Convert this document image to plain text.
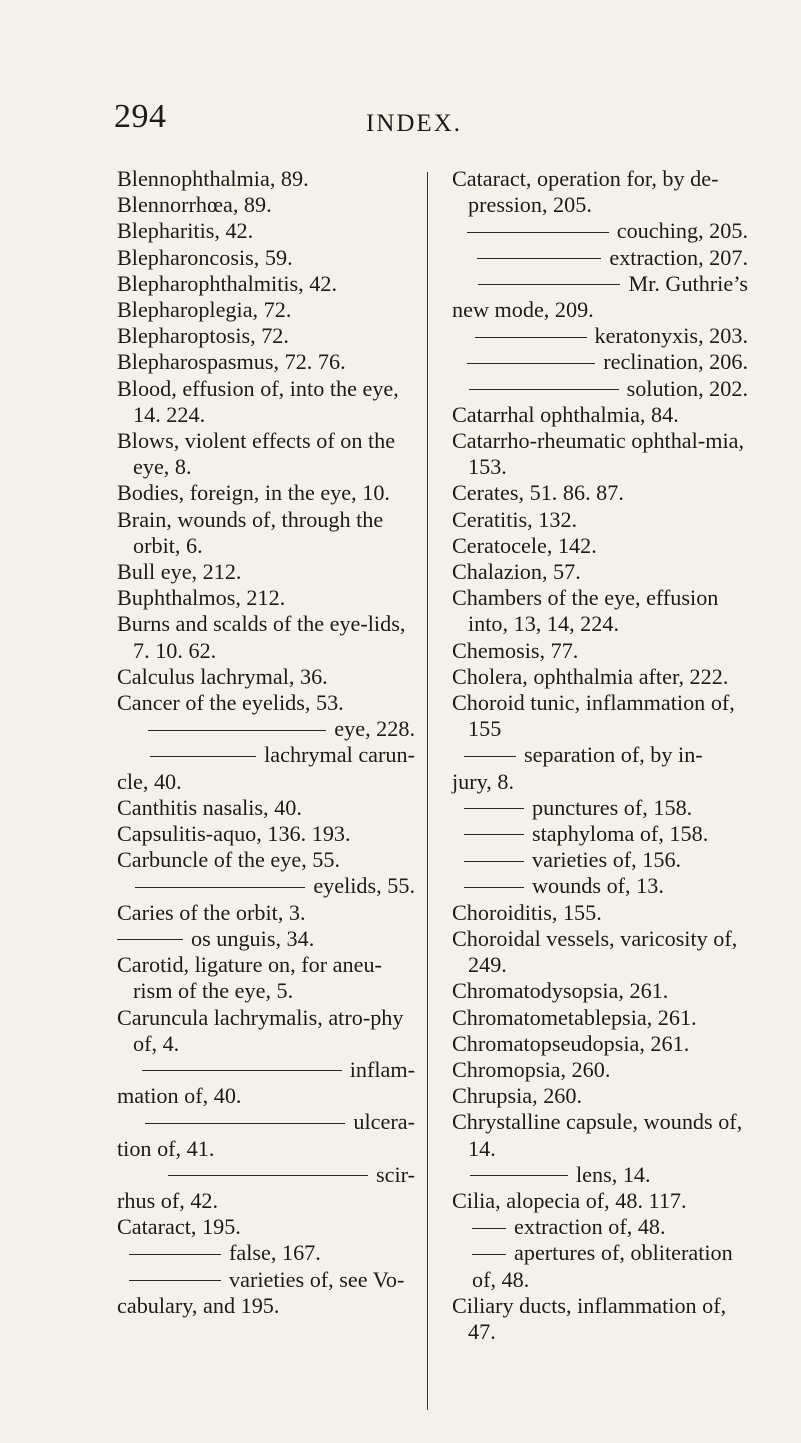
294	INDEX.

Blennophthalmia, 89.

Blennorrhœa, 89.

Blepharitis, 42.

Blepharoncosis, 59.

Blepharophthalmitis, 42.

Blepharoplegia, 72.

Blepharoptosis, 72.

Blepharospasmus, 72. 76.

Blood, effusion of, into the eye, 14. 224.

Blows, violent effects of on the eye, 8.

Bodies, foreign, in the eye, 10.

Brain, wounds of, through the orbit, 6.

Bull eye, 212.

Buphthalmos, 212.

Burns and scalds of the eye-lids, 7. 10. 62.

Calculus lachrymal, 36.

Cancer of the eyelids, 53.

eye, 228.

lachrymal carun-

cle, 40.

Canthitis nasalis, 40.

Capsulitis-aquo, 136. 193.

Carbuncle of the eye, 55.

eyelids, 55.

Caries of the orbit, 3.

os unguis, 34.

Carotid, ligature on, for aneu-rism of the eye, 5.

Caruncula lachrymalis, atro-phy of, 4.

inflam-

mation of, 40.

ulcera-

tion of, 41.

scir-

rhus of, 42.

Cataract, 195.

false, 167.

varieties of, see Vo-

cabulary, and 195.

Cataract, operation for, by de-pression, 205.

couching, 205.

extraction, 207.

Mr. Guthrie’s

new mode, 209.

keratonyxis, 203.

reclination, 206.

solution, 202.

Catarrhal ophthalmia, 84.

Catarrho-rheumatic ophthal-mia, 153.

Cerates, 51. 86. 87.

Ceratitis, 132.

Ceratocele, 142.

Chalazion, 57.

Chambers of the eye, effusion into, 13, 14, 224.

Chemosis, 77.

Cholera, ophthalmia after, 222.

Choroid tunic, inflammation of, 155

separation of, by in-

jury, 8.

punctures of, 158.

staphyloma of, 158.

varieties of, 156.

wounds of, 13.

Choroiditis, 155.

Choroidal vessels, varicosity of, 249.

Chromatodysopsia, 261.

Chromatometablepsia, 261.

Chromatopseudopsia, 261.

Chromopsia, 260.

Chrupsia, 260.

Chrystalline capsule, wounds of, 14.

lens, 14.

Cilia, alopecia of, 48. 117.

extraction of, 48.

apertures of, obliteration of, 48.

Ciliary ducts, inflammation of, 47.
